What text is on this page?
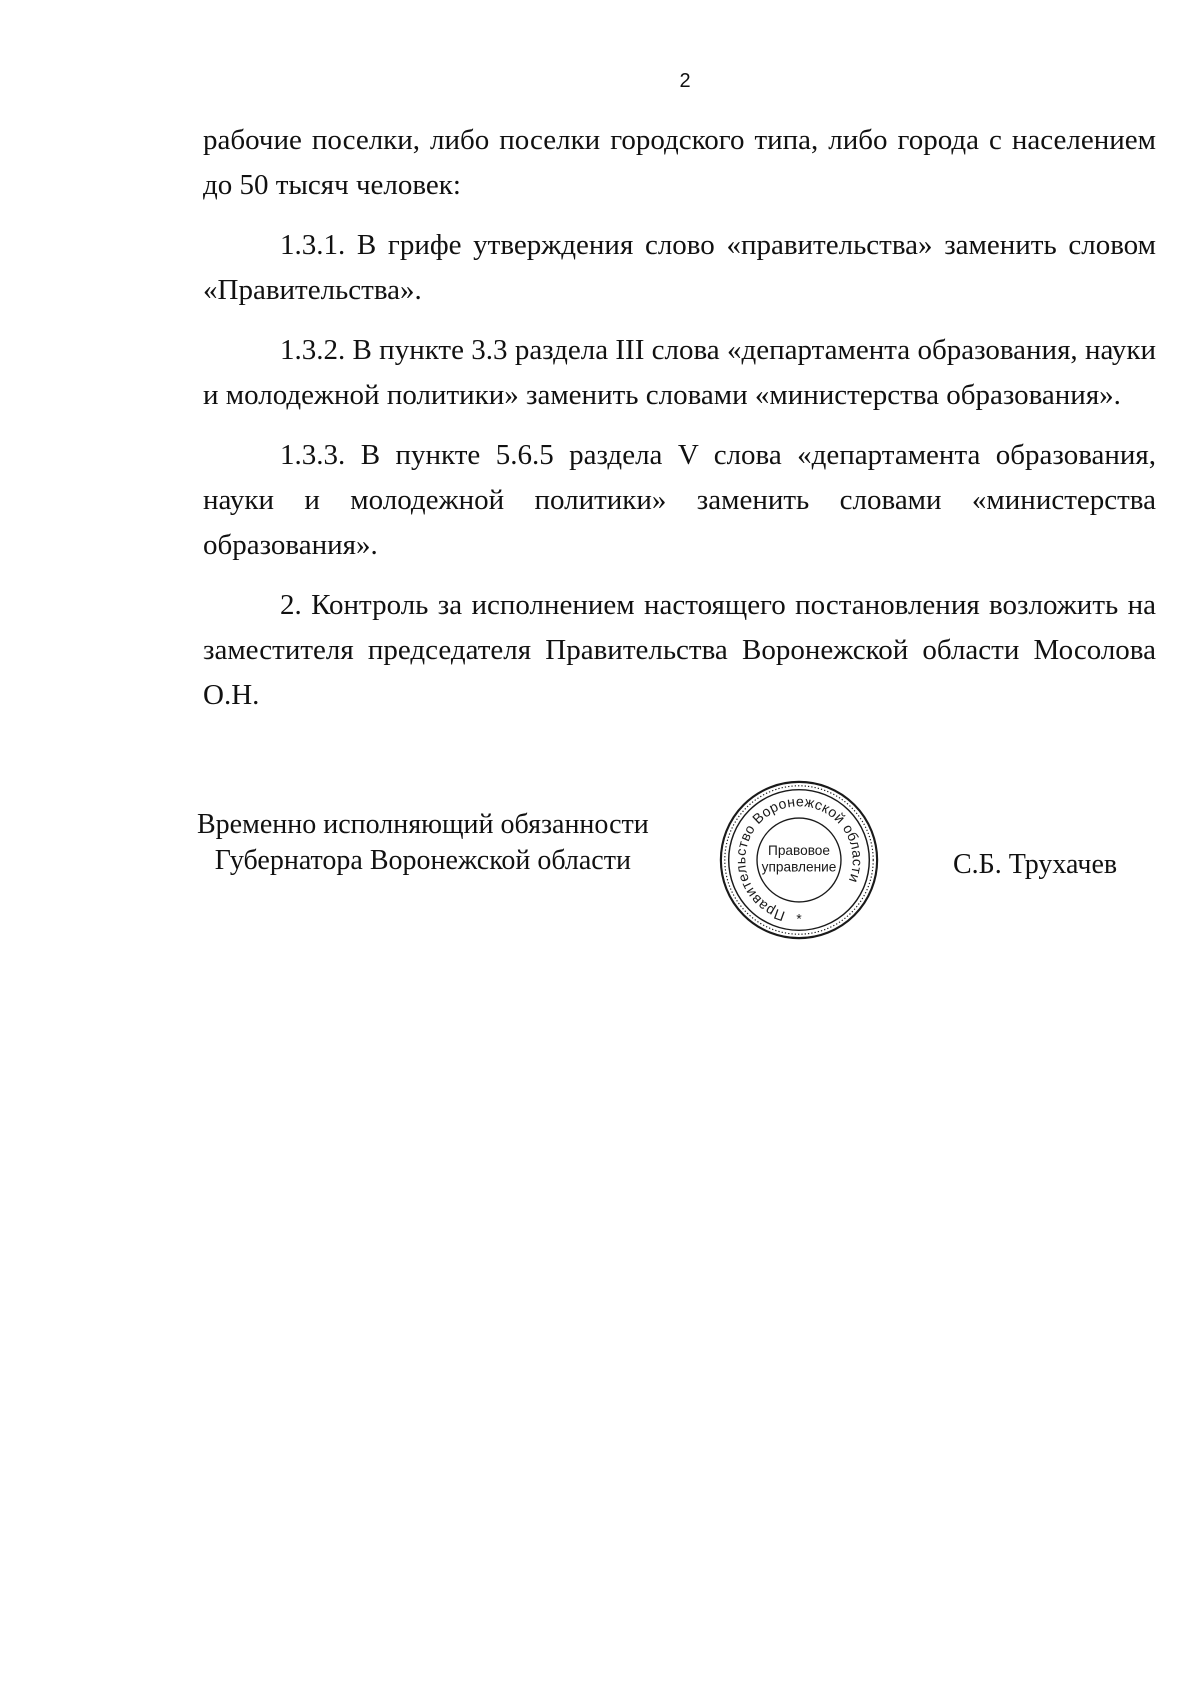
2

рабочие поселки, либо поселки городского типа, либо города с населением до 50 тысяч человек:

1.3.1. В грифе утверждения слово «правительства» заменить словом «Правительства».

1.3.2. В пункте 3.3 раздела III слова «департамента образования, науки и молодежной политики» заменить словами «министерства образования».

1.3.3. В пункте 5.6.5 раздела V слова «департамента образования, науки и молодежной политики» заменить словами «министерства образования».

2. Контроль за исполнением настоящего постановления возложить на заместителя председателя Правительства Воронежской области Мосолова О.Н.

Временно исполняющий обязанности
Губернатора Воронежской области
Правительство Воронежской области
Правовое
управление
*
С.Б. Трухачев
